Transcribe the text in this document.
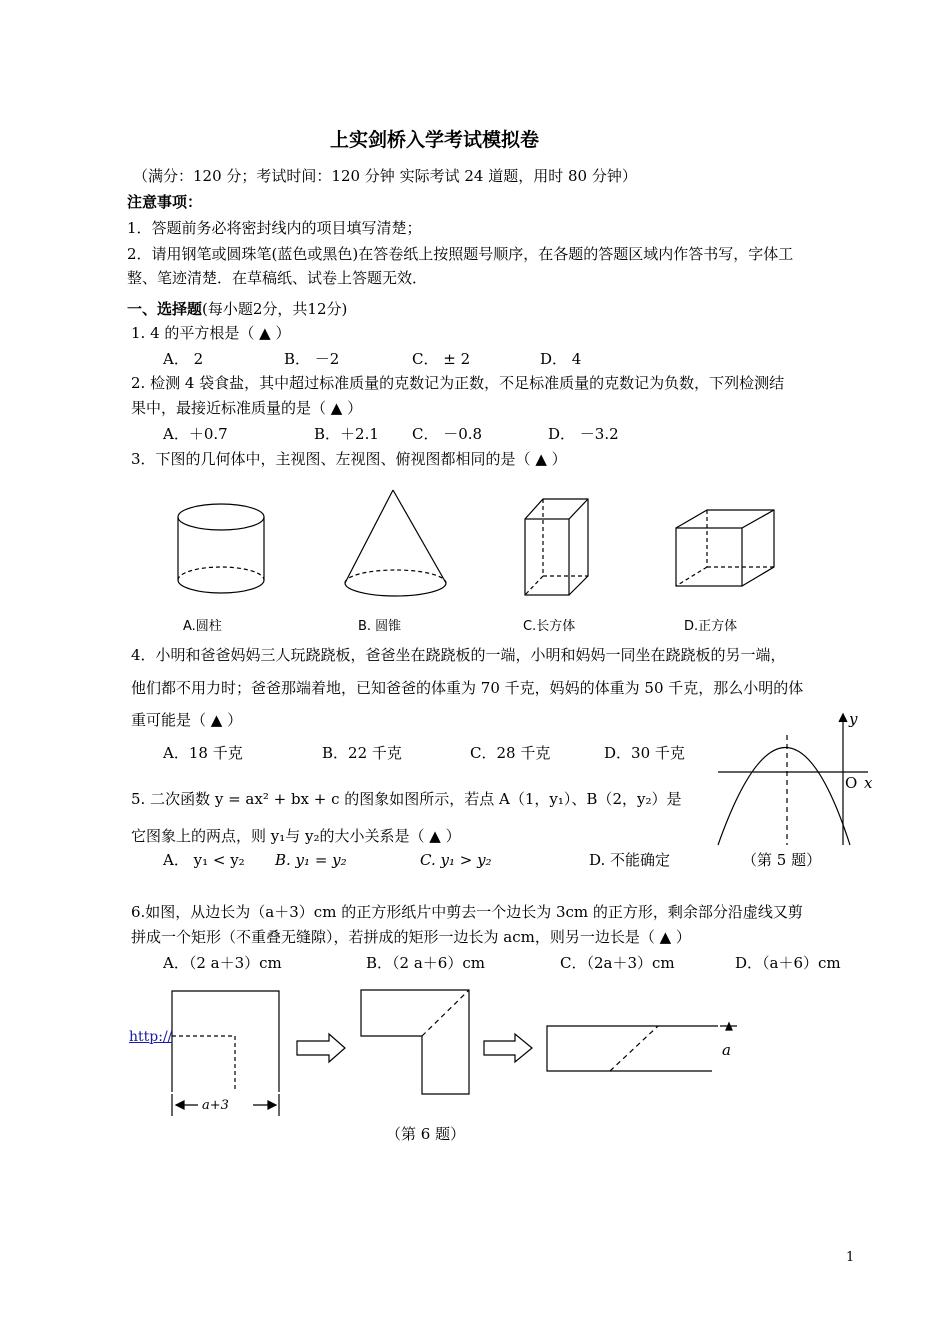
上实剑桥入学考试模拟卷
（满分：120 分；考试时间：120 分钟 实际考试 24 道题，用时 80 分钟）
注意事项：
1．答题前务必将密封线内的项目填写清楚；
2．请用钢笔或圆珠笔(蓝色或黑色)在答卷纸上按照题号顺序，在各题的答题区域内作答书写，字体工
整、笔迹清楚．在草稿纸、试卷上答题无效．
一、选择题(每小题2分，共12分)
1. 4 的平方根是（ ▲ ）
A． 2	B． －2	C． ± 2	D． 4
2. 检测 4 袋食盐，其中超过标准质量的克数记为正数，不足标准质量的克数记为负数，下列检测结
果中，最接近标准质量的是（ ▲ ）
A．＋0.7	B．＋2.1 C． －0.8	D． －3.2
3．下图的几何体中，主视图、左视图、俯视图都相同的是（ ▲ ）
A.圆柱	B. 圆锥	C.长方体	D.正方体
4．小明和爸爸妈妈三人玩跷跷板，爸爸坐在跷跷板的一端，小明和妈妈一同坐在跷跷板的另一端，
他们都不用力时；爸爸那端着地，已知爸爸的体重为 70 千克，妈妈的体重为 50 千克，那么小明的体
重可能是（ ▲ ）
A．18 千克	B．22 千克	C．28 千克	D．30 千克
5. 二次函数 y = ax² + bx + c 的图象如图所示，若点 A（1，y₁）、B（2，y₂）是
它图象上的两点，则 y₁与 y₂的大小关系是（ ▲ ）
A． y₁ < y₂ B. y₁ = y₂	C. y₁ > y₂	D. 不能确定
y
O x
（第 5 题）
6.如图，从边长为（a＋3）cm 的正方形纸片中剪去一个边长为 3cm 的正方形，剩余部分沿虚线又剪
拼成一个矩形（不重叠无缝隙），若拼成的矩形一边长为 acm，则另一边长是（ ▲ ）
A．（2 a＋3）cm	B．（2 a＋6）cm	C．（2a＋3）cm	D．（a＋6）cm
http://
a+3
a
（第 6 题）
1
